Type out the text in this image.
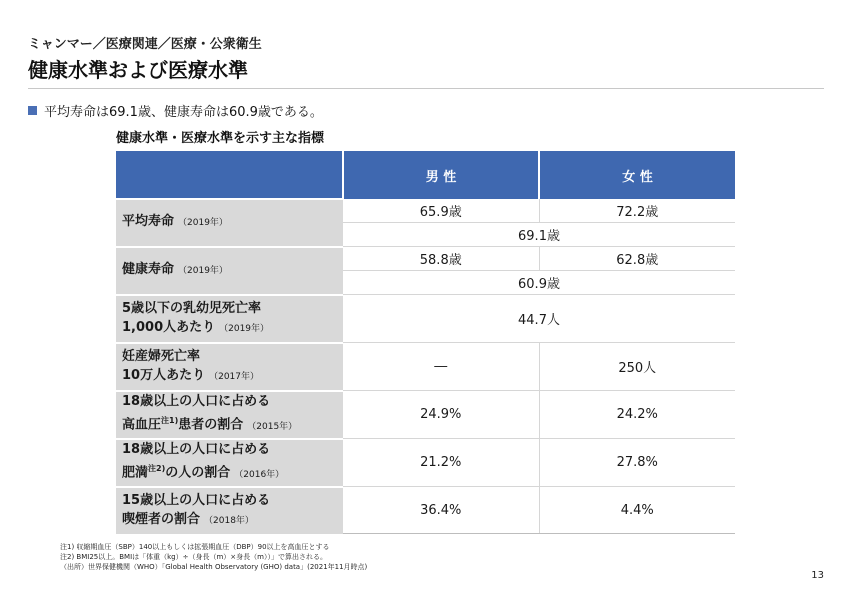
ミャンマー／医療関連／医療・公衆衛生
健康水準および医療水準
平均寿命は69.1歳、健康寿命は60.9歳である。
健康水準・医療水準を示す主な指標
	男 性	女 性
平均寿命 （2019年）	65.9歳	72.2歳
	69.1歳	
健康寿命 （2019年）	58.8歳	62.8歳
	60.9歳	
5歳以下の乳幼児死亡率
1,000人あたり （2019年）	44.7人	
妊産婦死亡率
10万人あたり （2017年）	―	250人
18歳以上の人口に占める
高血圧$^{注1)}$患者の割合 （2015年）	24.9%	24.2%
18歳以上の人口に占める
肥満$^{注2)}$の人の割合 （2016年）	21.2%	27.8%
15歳以上の人口に占める
喫煙者の割合 （2018年）	36.4%	4.4%
注1) 収縮期血圧（SBP）140以上もしくは拡張期血圧（DBP）90以上を高血圧とする
注2) BMI25以上。BMIは「体重（kg）÷（身長（m）×身長（m））」で算出される。
（出所）世界保健機関（WHO）「Global Health Observatory (GHO) data」(2021年11月時点)
13
